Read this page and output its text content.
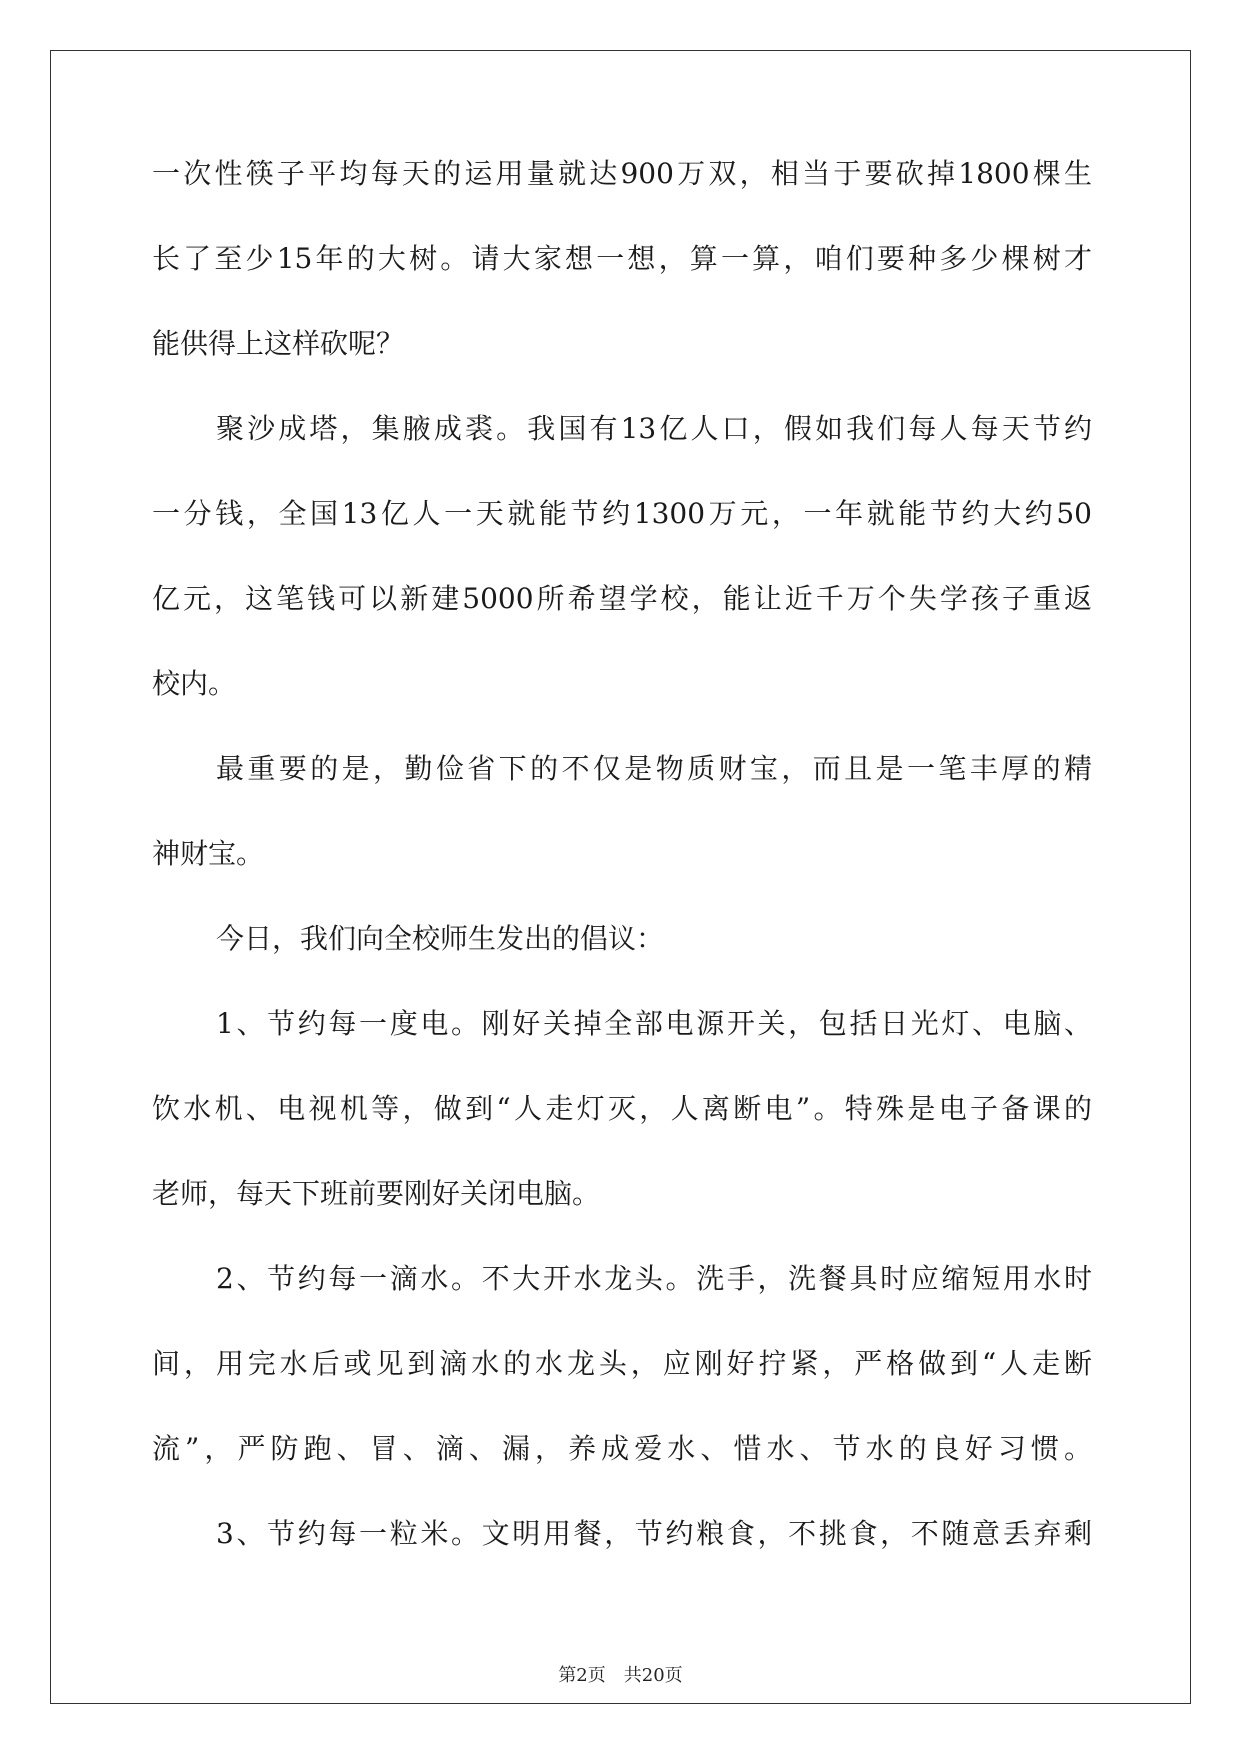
一次性筷子平均每天的运用量就达900万双，相当于要砍掉1800棵生
长了至少15年的大树。请大家想一想，算一算，咱们要种多少棵树才
能供得上这样砍呢？
聚沙成塔，集腋成裘。我国有13亿人口，假如我们每人每天节约
一分钱，全国13亿人一天就能节约1300万元，一年就能节约大约50
亿元，这笔钱可以新建5000所希望学校，能让近千万个失学孩子重返
校内。
最重要的是，勤俭省下的不仅是物质财宝，而且是一笔丰厚的精
神财宝。
今日，我们向全校师生发出的倡议：
1、节约每一度电。刚好关掉全部电源开关，包括日光灯、电脑、
饮水机、电视机等，做到“人走灯灭，人离断电”。特殊是电子备课的
老师，每天下班前要刚好关闭电脑。
2、节约每一滴水。不大开水龙头。洗手，洗餐具时应缩短用水时
间，用完水后或见到滴水的水龙头，应刚好拧紧，严格做到“人走断
流”，严防跑、冒、滴、漏，养成爱水、惜水、节水的良好习惯。
3、节约每一粒米。文明用餐，节约粮食，不挑食，不随意丢弃剩
第2页 共20页
